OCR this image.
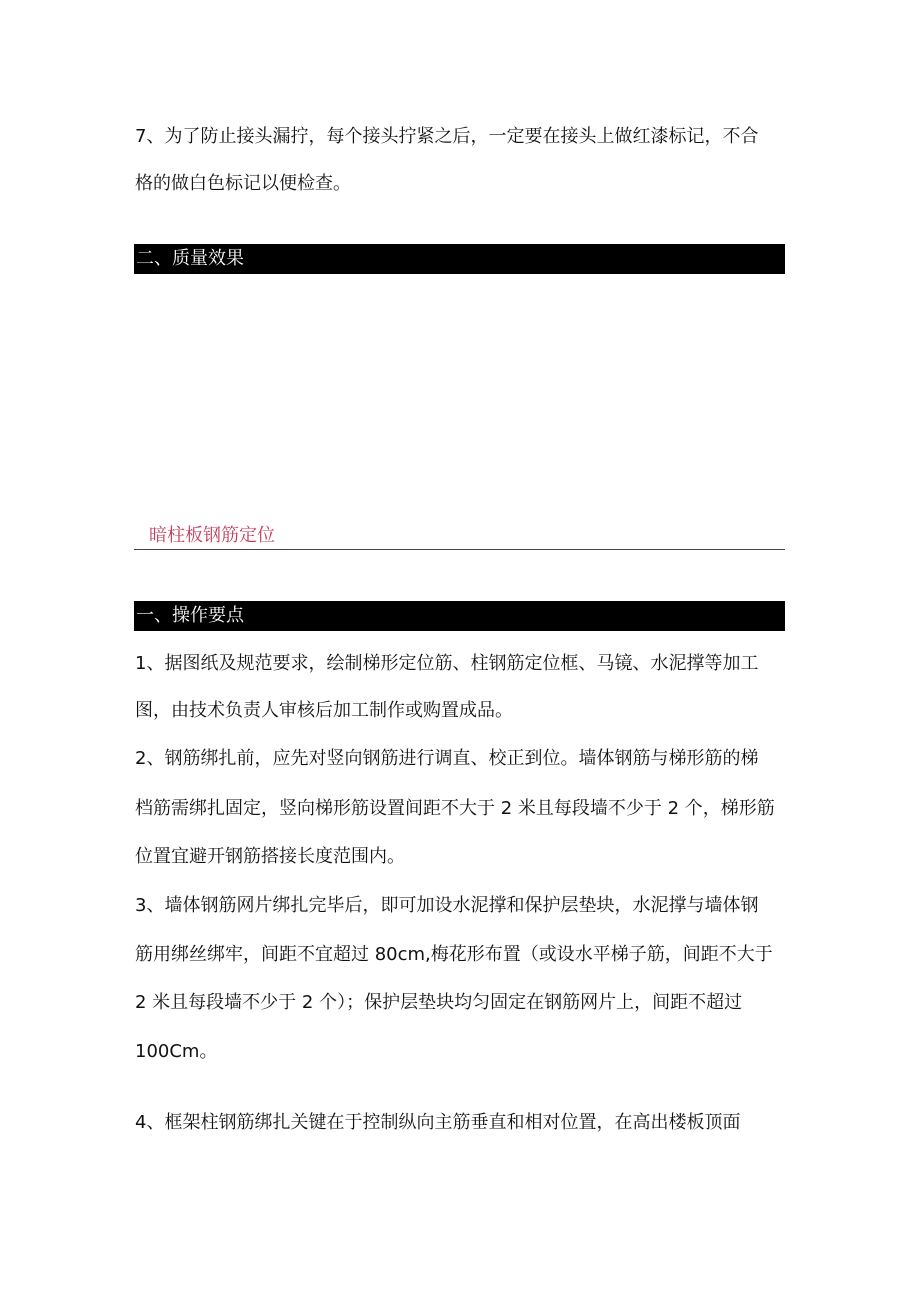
7、为了防止接头漏拧，每个接头拧紧之后，一定要在接头上做红漆标记，不合
格的做白色标记以便检查。
二、质量效果
暗柱板钢筋定位
一、操作要点
1、据图纸及规范要求，绘制梯形定位筋、柱钢筋定位框、马镜、水泥撑等加工
图，由技术负责人审核后加工制作或购置成品。
2、钢筋绑扎前，应先对竖向钢筋进行调直、校正到位。墙体钢筋与梯形筋的梯
档筋需绑扎固定，竖向梯形筋设置间距不大于 2 米且每段墙不少于 2 个，梯形筋
位置宜避开钢筋搭接长度范围内。
3、墙体钢筋网片绑扎完毕后，即可加设水泥撑和保护层垫块，水泥撑与墙体钢
筋用绑丝绑牢，间距不宜超过 80cm,梅花形布置（或设水平梯子筋，间距不大于
2 米且每段墙不少于 2 个）；保护层垫块均匀固定在钢筋网片上，间距不超过
100Cm。
4、框架柱钢筋绑扎关键在于控制纵向主筋垂直和相对位置，在高出楼板顶面
